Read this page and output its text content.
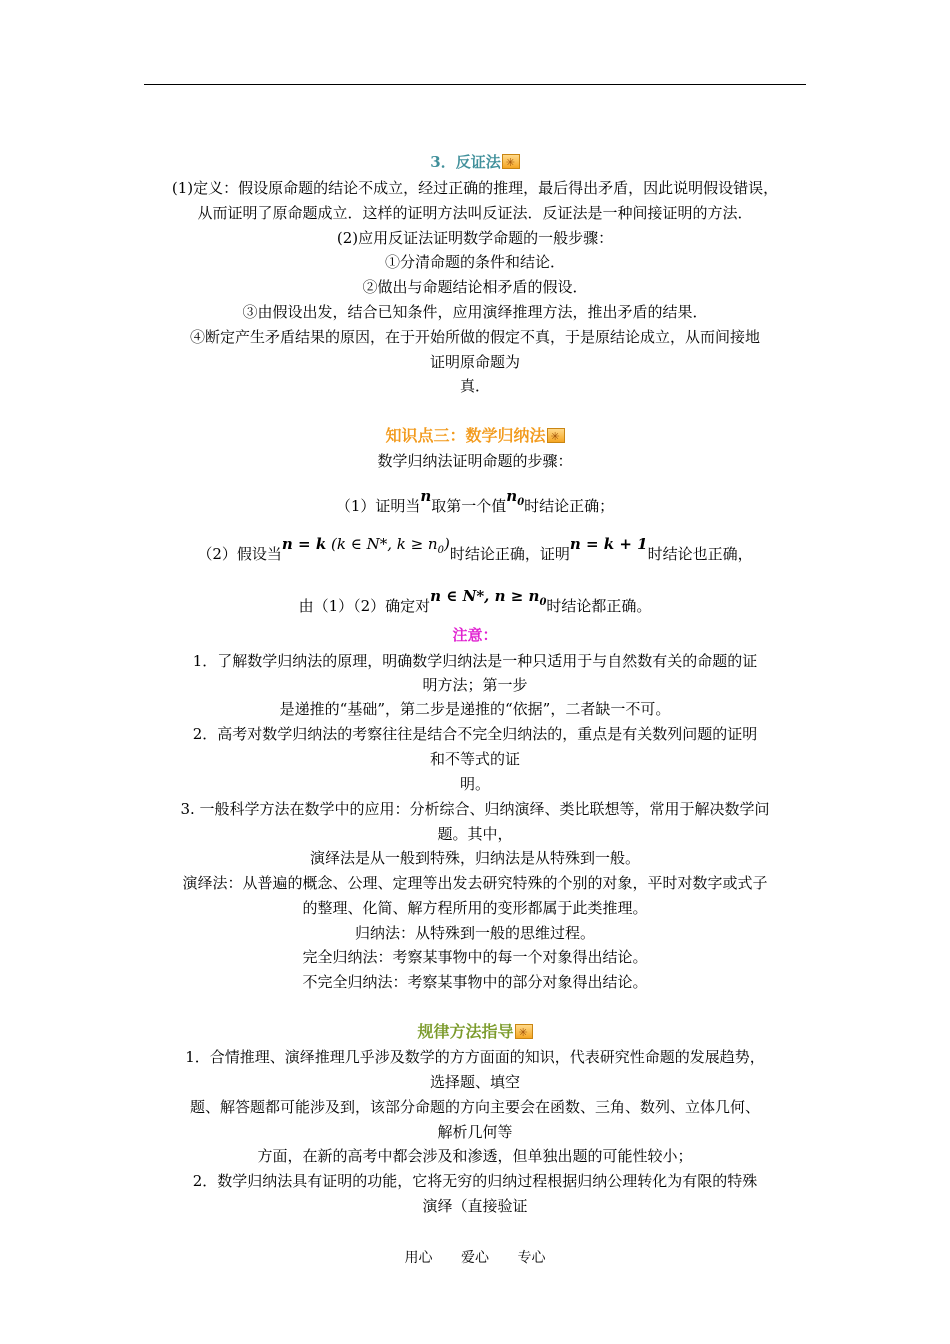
3．反证法✳
(1)定义：假设原命题的结论不成立，经过正确的推理，最后得出矛盾，因此说明假设错误，
从而证明了原命题成立．这样的证明方法叫反证法．反证法是一种间接证明的方法．
(2)应用反证法证明数学命题的一般步骤：
①分清命题的条件和结论．
②做出与命题结论相矛盾的假设．
③由假设出发，结合已知条件，应用演绎推理方法，推出矛盾的结果．
④断定产生矛盾结果的原因，在于开始所做的假定不真，于是原结论成立，从而间接地
证明原命题为
真．
知识点三：数学归纳法✳
数学归纳法证明命题的步骤：
（1）证明当$^n$取第一个值$^{n_0}$时结论正确；
（2）假设当$^{n = k}$ $^{(k \in N*, k \ge n_0)}$时结论正确，证明$^{n = k + 1}$时结论也正确，
由（1）（2）确定对$^{n \in N*, n \ge n_0}$时结论都正确。
注意：
1．了解数学归纳法的原理，明确数学归纳法是一种只适用于与自然数有关的命题的证
明方法；第一步
是递推的“基础”，第二步是递推的“依据”，二者缺一不可。
2．高考对数学归纳法的考察往往是结合不完全归纳法的，重点是有关数列问题的证明
和不等式的证
明。
3. 一般科学方法在数学中的应用：分析综合、归纳演绎、类比联想等，常用于解决数学问
题。其中，
演绎法是从一般到特殊，归纳法是从特殊到一般。
演绎法：从普遍的概念、公理、定理等出发去研究特殊的个别的对象，平时对数字或式子
的整理、化简、解方程所用的变形都属于此类推理。
归纳法：从特殊到一般的思维过程。
完全归纳法：考察某事物中的每一个对象得出结论。
不完全归纳法：考察某事物中的部分对象得出结论。
规律方法指导✳
1．合情推理、演绎推理几乎涉及数学的方方面面的知识，代表研究性命题的发展趋势，
选择题、填空
题、解答题都可能涉及到，该部分命题的方向主要会在函数、三角、数列、立体几何、
解析几何等
方面，在新的高考中都会涉及和渗透，但单独出题的可能性较小；
2．数学归纳法具有证明的功能，它将无穷的归纳过程根据归纳公理转化为有限的特殊
演绎（直接验证
用心 爱心 专心
